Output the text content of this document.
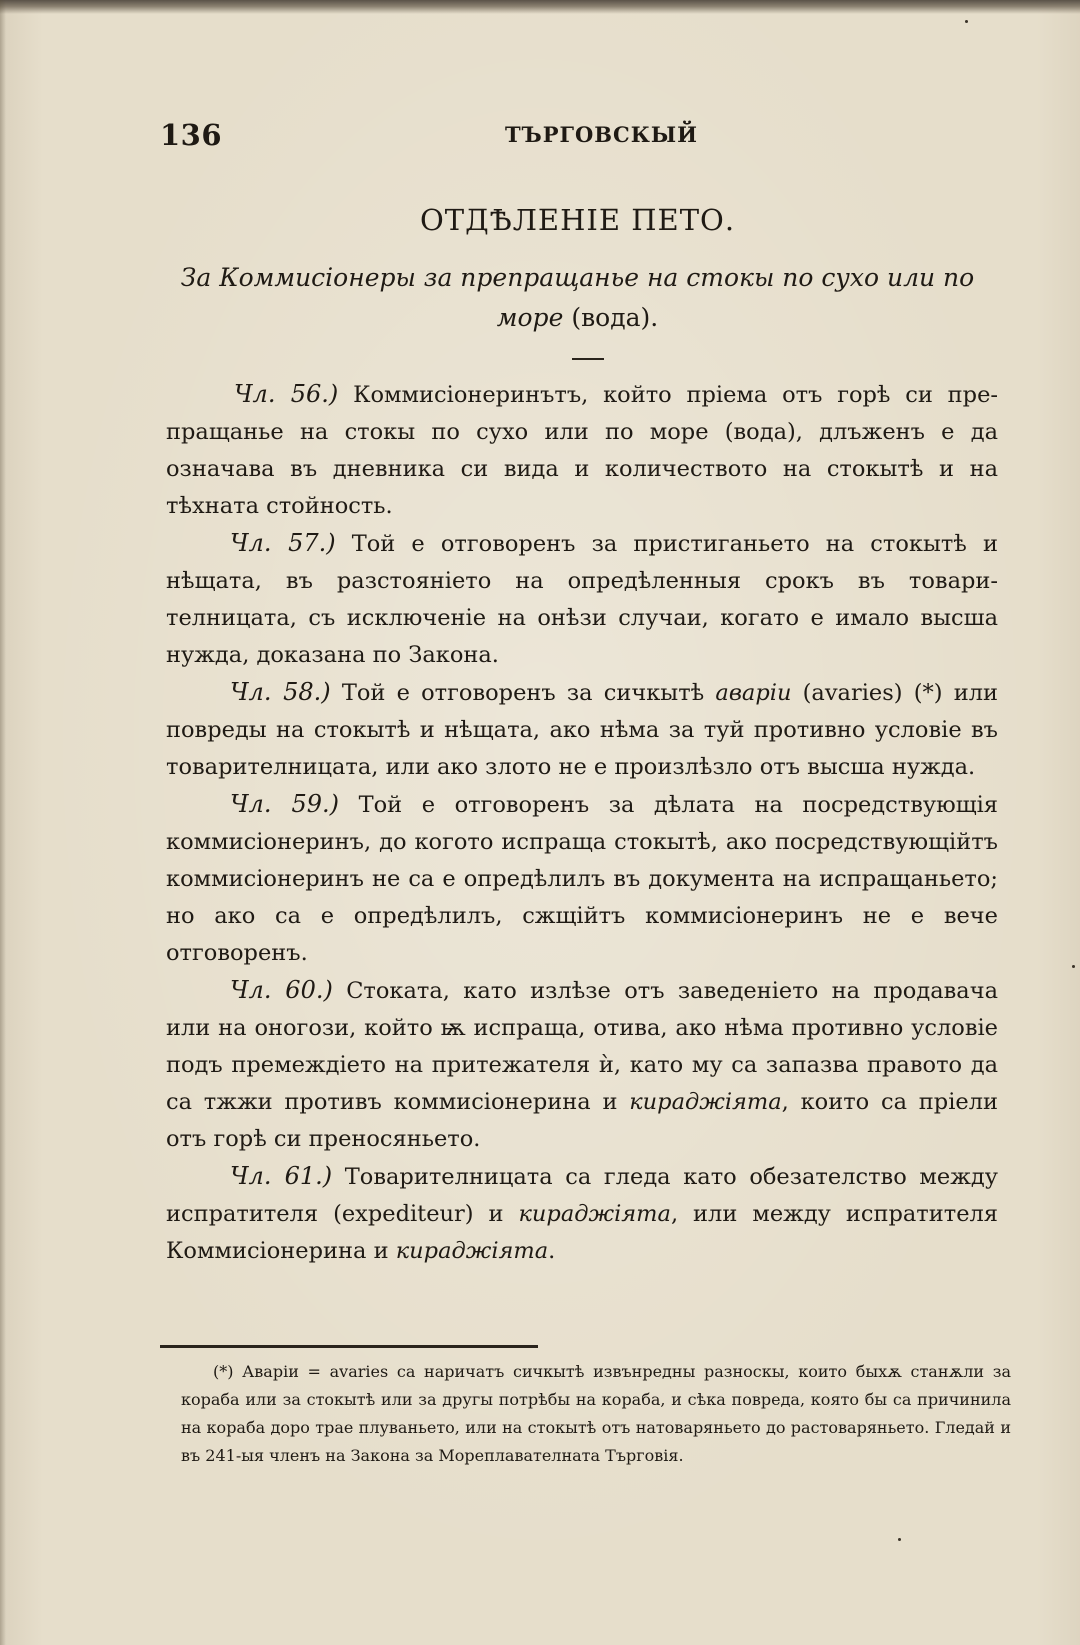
136	ТЪРГОВСКЫЙ
ОТДѢЛЕНІЕ ПЕТО.
За Коммисіонеры за препращанье на стокы по сухо или по море (вода).

Чл. 56.) Коммисіонеринътъ, който пріема отъ горѣ си препращанье на стокы по сухо или по море (вода), длъженъ е да означава въ дневника си вида и количеството на стокытѣ и на тѣхната стойность.

Чл. 57.) Той е отговоренъ за пристиганьето на стокытѣ и нѣщата, въ разстояніето на опредѣленныя срокъ въ товарителницата, съ исключеніе на онѣзи случаи, когато е имало высша нужда, доказана по Закона.

Чл. 58.) Той е отговоренъ за сичкытѣ аваріи (avaries) (*) или повреды на стокытѣ и нѣщата, ако нѣма за туй противно условіе въ товарителницата, или ако злото не е произлѣзло отъ высша нужда.

Чл. 59.) Той е отговоренъ за дѣлата на посредствующія коммисіонеринъ, до когото испраща стокытѣ, ако посредствующійтъ коммисіонеринъ не са е опредѣлилъ въ документа на испращаньето; но ако са е опредѣлилъ, сжщійтъ коммисіонеринъ не е вече отговоренъ.

Чл. 60.) Стоката, като излѣзе отъ заведеніето на продавача или на оногози, който ѭ испраща, отива, ако нѣма противно условіе подъ премеждіето на притежателя ѝ, като му са запазва правото да са тжжи противъ коммисіонерина и кираджіята, които са пріели отъ горѣ си преносяньето.

Чл. 61.) Товарителницата са гледа като обезателство между испратителя (expediteur) и кираджіята, или между испратителя Коммисіонерина и кираджіята.

(*) Аваріи = avaries са наричатъ сичкытѣ извънредны разноскы, които быхѫ станѫли за кораба или за стокытѣ или за другы потрѣбы на кораба, и сѣка повреда, която бы са причинила на кораба доро трае плуваньето, или на стокытѣ отъ натоваряньето до растоваряньето. Гледай и въ 241-ыя членъ на Закона за Мореплавателната Търговія.
